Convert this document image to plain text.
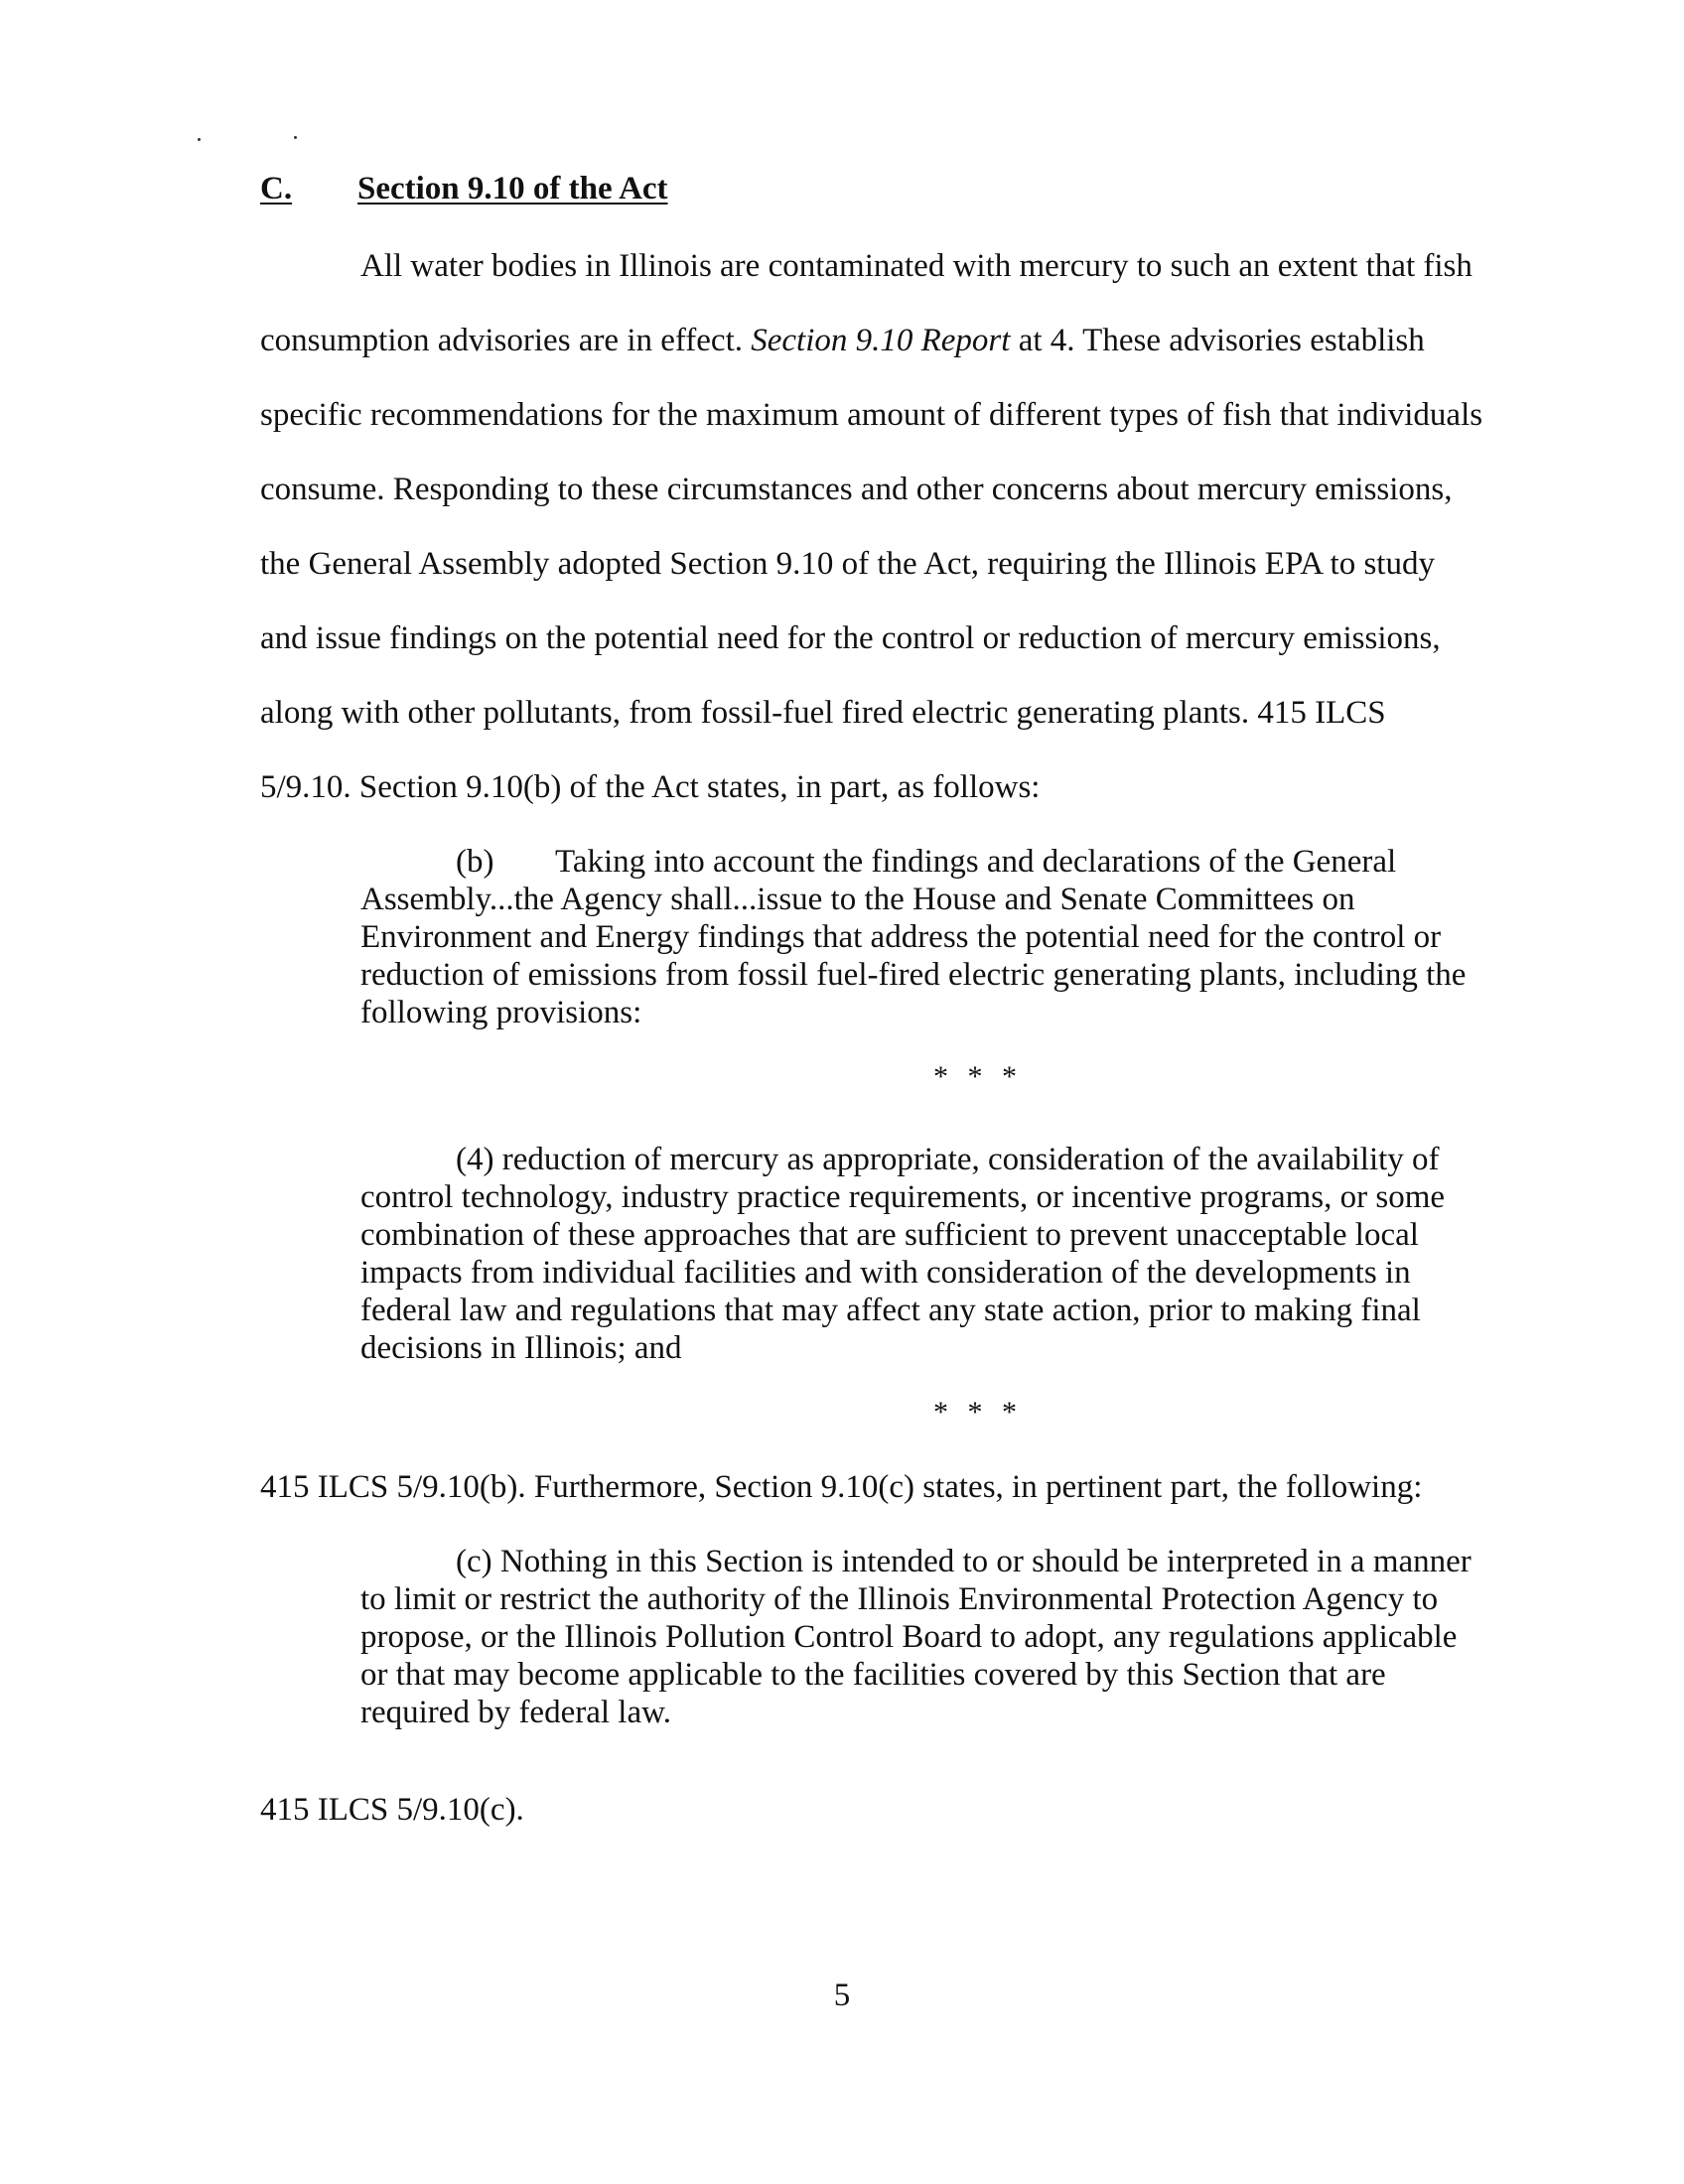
C. Section 9.10 of the Act
All water bodies in Illinois are contaminated with mercury to such an extent that fish
consumption advisories are in effect. Section 9.10 Report at 4. These advisories establish
specific recommendations for the maximum amount of different types of fish that individuals
consume. Responding to these circumstances and other concerns about mercury emissions,
the General Assembly adopted Section 9.10 of the Act, requiring the Illinois EPA to study
and issue findings on the potential need for the control or reduction of mercury emissions,
along with other pollutants, from fossil-fuel fired electric generating plants. 415 ILCS
5/9.10. Section 9.10(b) of the Act states, in part, as follows:
(b) Taking into account the findings and declarations of the General
Assembly...the Agency shall...issue to the House and Senate Committees on
Environment and Energy findings that address the potential need for the control or
reduction of emissions from fossil fuel-fired electric generating plants, including the
following provisions:
* * *
(4) reduction of mercury as appropriate, consideration of the availability of
control technology, industry practice requirements, or incentive programs, or some
combination of these approaches that are sufficient to prevent unacceptable local
impacts from individual facilities and with consideration of the developments in
federal law and regulations that may affect any state action, prior to making final
decisions in Illinois; and
* * *
415 ILCS 5/9.10(b). Furthermore, Section 9.10(c) states, in pertinent part, the following:
(c) Nothing in this Section is intended to or should be interpreted in a manner
to limit or restrict the authority of the Illinois Environmental Protection Agency to
propose, or the Illinois Pollution Control Board to adopt, any regulations applicable
or that may become applicable to the facilities covered by this Section that are
required by federal law.
415 ILCS 5/9.10(c).
5
